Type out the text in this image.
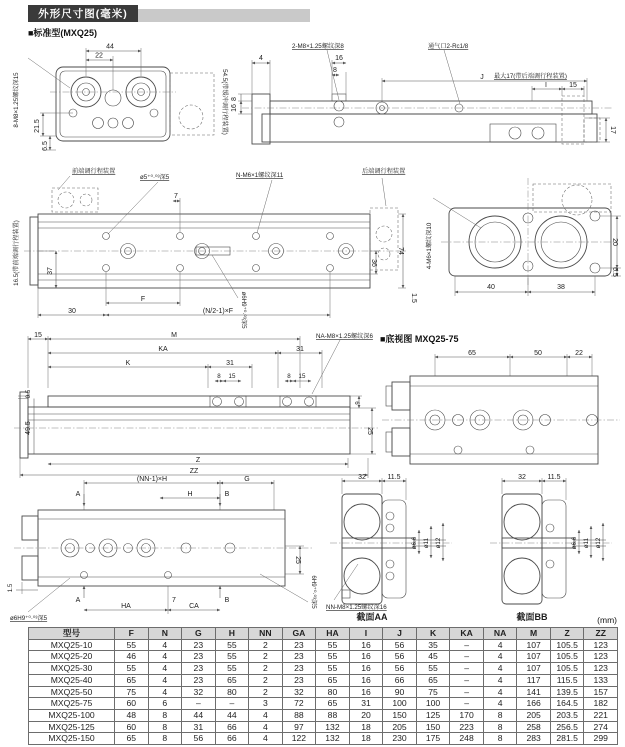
外形尺寸图(毫米)
■标准型(MXQ25)
44
22
21.5
6.5
8-M8×1.25螺纹深15	54.5(带缓冲调行程装置)
2-M8×1.25螺纹深8	通气口2-Rc1/8
最大17(带后端调行程装置)
4	16
8
J
8
16
I	15
17
前端调行程装置
ø5⁺⁰·⁰³深5	N-M6×1螺纹深11
后端调行程装置
16.5(带前端调行程装置)
7
37
F
30	(N/2-1)×F
36
74
1.5
ø6H9⁺⁰·⁰³深5
4-M6×1螺纹深10
40	38
20
6.5
15	M
KA	31
K	31
8 15	8 15
6
25
0.5
49.5
Z
ZZ
NA-M8×1.25螺纹深6 ■底视图 MXQ25-75
65	50	22
(NN-1)×H	G
A	H	B
1.5
25
A	7	B
HA	CA
ø6H9⁺⁰·⁰³深5
6H9⁺⁰·⁰³深5
32	11.5
ø6.6 ø11 ø12
NN-M8×1.25螺纹深16
截面AA
32	11.5
ø6.6 ø11 ø12
截面BB	(mm)
型号	F	N	G	H	NN	GA	HA	I	J	K	KA	NA	M	Z	ZZ
MXQ25-10	55	4	23	55	2	23	55	16	56	35	–	4	107	105.5	123
MXQ25-20	46	4	23	55	2	23	55	16	56	45	–	4	107	105.5	123
MXQ25-30	55	4	23	55	2	23	55	16	56	55	–	4	107	105.5	123
MXQ25-40	65	4	23	65	2	23	65	16	66	65	–	4	117	115.5	133
MXQ25-50	75	4	32	80	2	32	80	16	90	75	–	4	141	139.5	157
MXQ25-75	60	6	–	–	3	72	65	31	100	100	–	4	166	164.5	182
MXQ25-100	48	8	44	44	4	88	88	20	150	125	170	8	205	203.5	221
MXQ25-125	60	8	31	66	4	97	132	18	205	150	223	8	258	256.5	274
MXQ25-150	65	8	56	66	4	122	132	18	230	175	248	8	283	281.5	299
